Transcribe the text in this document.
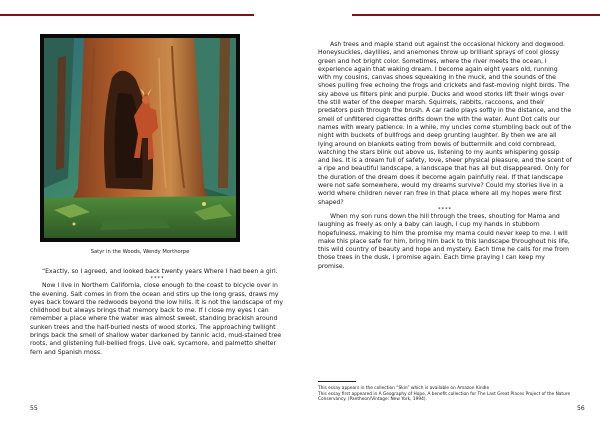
Satyr in the Woods, Wendy Morthorpe

“Exactly, so I agreed, and looked back twenty years Where I had been a girl.

****

Now I live in Northern California, close enough to the coast to bicycle over in the evening. Salt comes in from the ocean and stirs up the long grass, draws my eyes back toward the redwoods beyond the low hills. It is not the landscape of my childhood but always brings that memory back to me. If I close my eyes I can remember a place where the water was almost sweet, standing brackish around sunken trees and the half-buried nests of wood storks. The approaching twilight brings back the smell of shallow water darkened by tannic acid, mud-stained tree roots, and glistening full-bellied frogs. Live oak, sycamore, and palmetto shelter fern and Spanish moss.

55

Ash trees and maple stand out against the occasional hickory and dogwood. Honeysuckles, daylilies, and anemones throw up brilliant sprays of cool glossy green and hot bright color. Sometimes, where the river meets the ocean, I experience again that waking dream. I become again eight years old, running with my cousins, canvas shoes squeaking in the muck, and the sounds of the shoes pulling free echoing the frogs and crickets and fast-moving night birds. The sky above us filters pink and purple. Ducks and wood storks lift their wings over the still water of the deeper marsh. Squirrels, rabbits, raccoons, and their predators push through the brush. A car radio plays softly in the distance, and the smell of unfiltered cigarettes drifts down the with the water. Aunt Dot calls our names with weary patience. In a while, my uncles come stumbling back out of the night with buckets of bullfrogs and deep grunting laughter. By then we are all lying around on blankets eating from bowls of buttermilk and cold cornbread, watching the stars blink out above us, listening to my aunts whispering gossip and lies. It is a dream full of safety, love, sheer physical pleasure, and the scent of a ripe and beautiful landscape, a landscape that has all but disappeared. Only for the duration of the dream does it become again painfully real. If that landscape were not safe somewhere, would my dreams survive? Could my stories live in a world where children never ran free in that place where all my hopes were first shaped?

****

When my son runs down the hill through the trees, shouting for Mama and laughing as freely as only a baby can laugh, I cup my hands in stubborn hopefulness, making to him the promise my mama could never keep to me. I will make this place safe for him, bring him back to this landscape throughout his life, this wild country of beauty and hope and mystery. Each time he calls for me from those trees in the dusk, I promise again. Each time praying I can keep my promise.

This essay appears in the collection “Skin” which is available on Amazon Kindle

This essay first appeared in A Geography of Hope, A benefit collection for The Last Great Places Project of the Nature Conservancy. (Pantheon/Vintage: New York, 1994).

56
